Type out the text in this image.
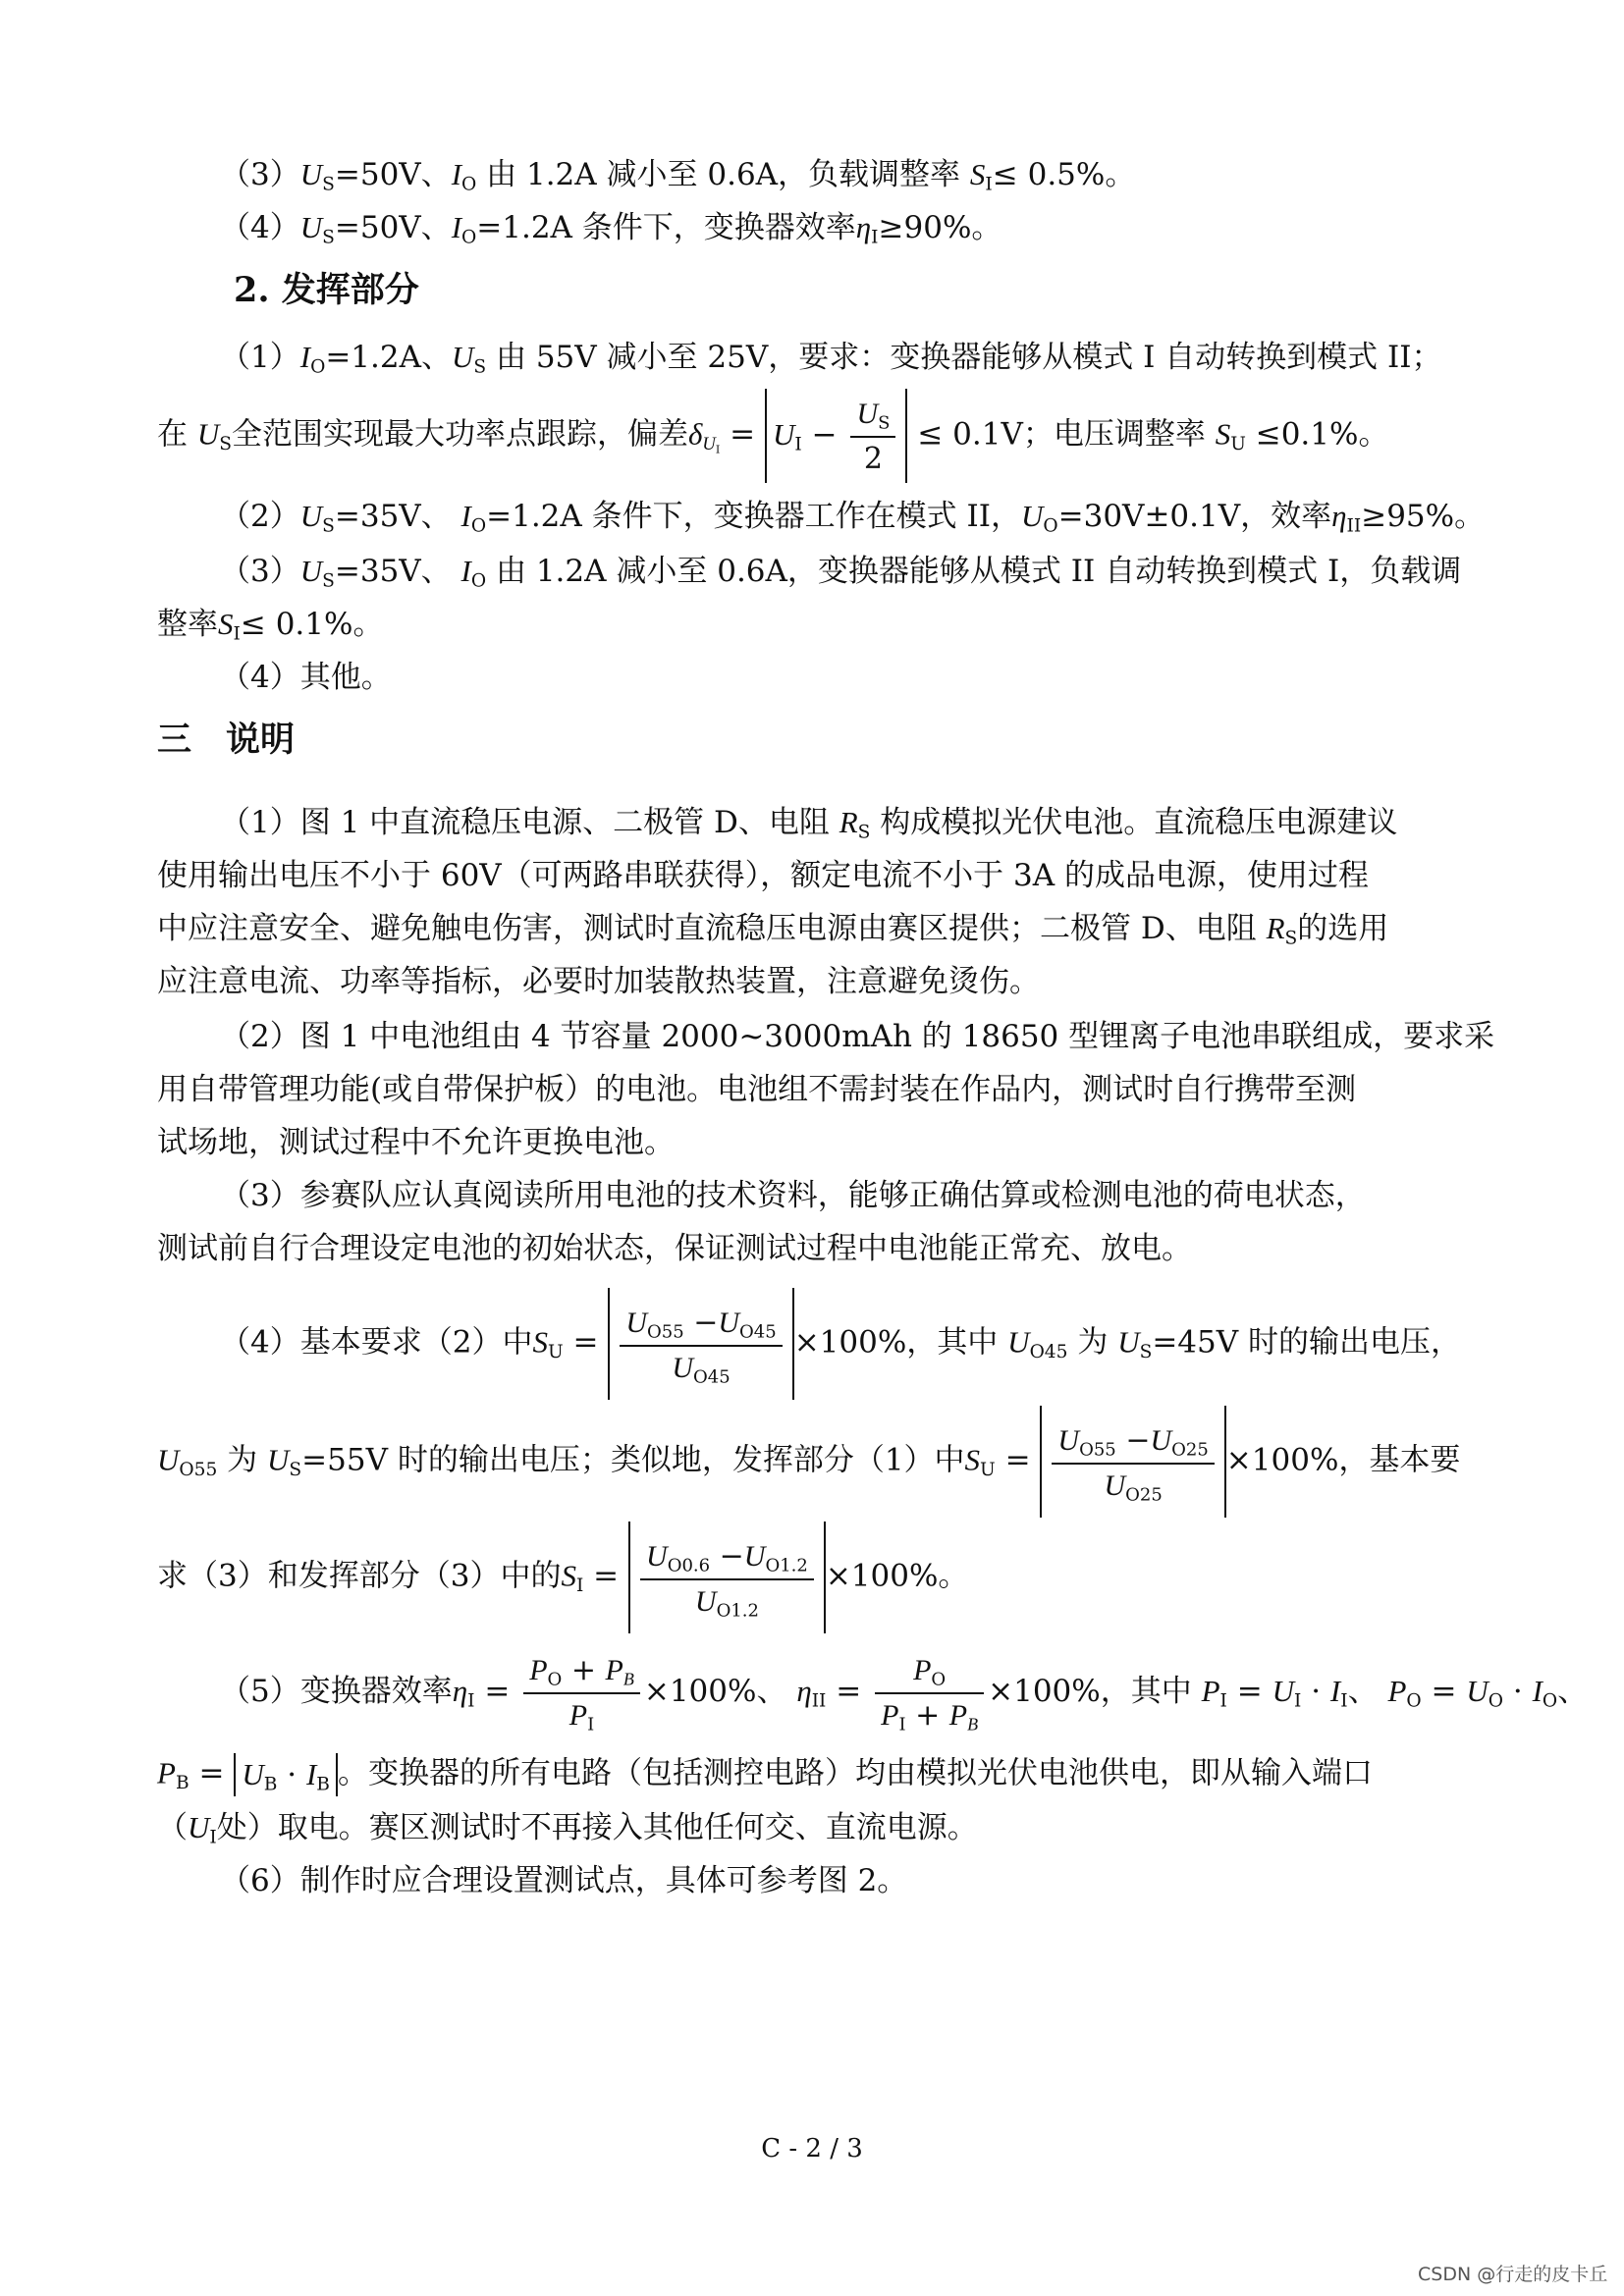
$(3)U_S=50V$、$I_O$ 由 1.2A 减小至 0.6A，负载调整率 $S_I\le 0.5\%$。
$(4)U_S=50V$、$I_O=1.2A$ 条件下，变换器效率$\eta_I\ge 90\%$。
2. 发挥部分
$(1)I_O=1.2A$、$U_S$ 由 55V 减小至 25V，要求：变换器能够从模式 I 自动转换到模式 II；
在 $U_S$全范围实现最大功率点跟踪，偏差$\delta_{U_I} = U_I - \frac{U_S}{2} \le 0.1V$；电压调整率 $S_U \le 0.1\%$。
$(2)U_S=35V$、 $I_O=1.2A$ 条件下，变换器工作在模式 II，$U_O=30V\pm 0.1V$，效率$\eta_{II}\ge 95\%$。
$(3)U_S=35V$、 $I_O$ 由 1.2A 减小至 0.6A，变换器能够从模式 II 自动转换到模式 I，负载调
整率$S_I\le 0.1\%$。
（4）其他。
三　说明
（1）图 1 中直流稳压电源、二极管 D、电阻 $R_S$ 构成模拟光伏电池。直流稳压电源建议
使用输出电压不小于 60V（可两路串联获得），额定电流不小于 3A 的成品电源，使用过程
中应注意安全、避免触电伤害，测试时直流稳压电源由赛区提供；二极管 D、电阻 $R_S$的选用
应注意电流、功率等指标，必要时加装散热装置，注意避免烫伤。
（2）图 1 中电池组由 4 节容量 2000~3000mAh 的 18650 型锂离子电池串联组成，要求采
用自带管理功能(或自带保护板）的电池。电池组不需封装在作品内，测试时自行携带至测
试场地，测试过程中不允许更换电池。
（3）参赛队应认真阅读所用电池的技术资料，能够正确估算或检测电池的荷电状态，
测试前自行合理设定电池的初始状态，保证测试过程中电池能正常充、放电。
（4）基本要求（2）中$S_U = \frac{U_{O55} -U_{O45}}{U_{O45}} \times 100\%$，其中 $U_{O45}$ 为 $U_S=45V$ 时的输出电压，
$U_{O55}$ 为 $U_S=55V$ 时的输出电压；类似地，发挥部分（1）中$S_U = \frac{U_{O55} -U_{O25}}{U_{O25}} \times 100\%$，基本要
求（3）和发挥部分（3）中的$S_I = \frac{U_{O0.6} -U_{O1.2}}{U_{O1.2}} \times 100\%$。
（5）变换器效率$\eta_I = \frac{P_O + P_B}{P_I} \times 100\%$、 $\eta_{II} = \frac{P_O}{P_I + P_B} \times 100\%$，其中 $P_I = U_I \cdot I_I$、 $P_O = U_O \cdot I_O$、
$P_B = U_B \cdot I_B$ 。变换器的所有电路（包括测控电路）均由模拟光伏电池供电，即从输入端口
（$U_I$处）取电。赛区测试时不再接入其他任何交、直流电源。
（6）制作时应合理设置测试点，具体可参考图 2。
C - 2 / 3
CSDN @行走的皮卡丘
